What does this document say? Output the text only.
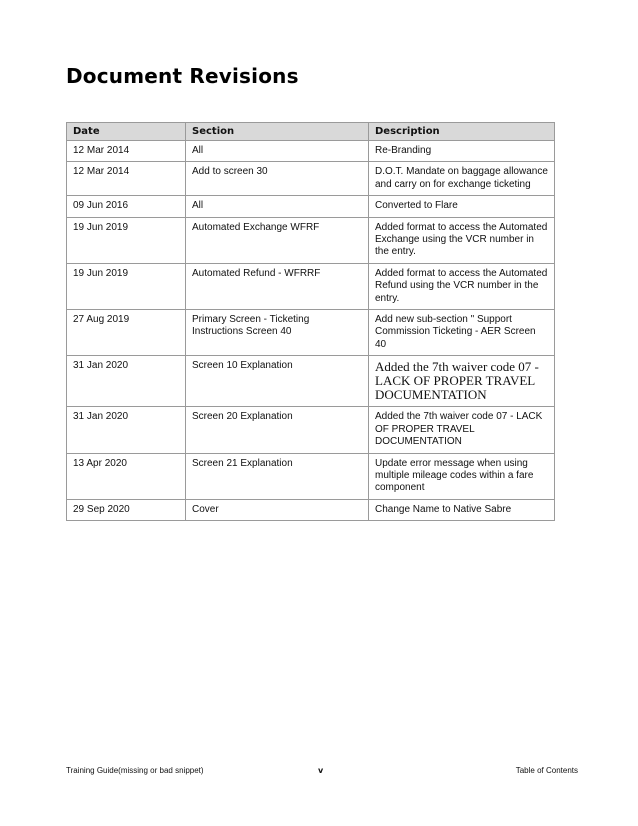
Document Revisions
Date	Section	Description
12 Mar 2014	All	Re-Branding
12 Mar 2014	Add to screen 30	D.O.T. Mandate on baggage allowance and carry on for exchange ticketing
09 Jun 2016	All	Converted to Flare
19 Jun 2019	Automated Exchange WFRF	Added format to access the Automated Exchange using the VCR number in the entry.
19 Jun 2019	Automated Refund - WFRRF	Added format to access the Automated Refund using the VCR number in the entry.
27 Aug 2019	Primary Screen - Ticketing Instructions Screen 40	Add new sub-section " Support Commission Ticketing - AER Screen 40
31 Jan 2020	Screen 10 Explanation	Added the 7th waiver code 07 - LACK OF PROPER TRAVEL DOCUMENTATION
31 Jan 2020	Screen 20 Explanation	Added the 7th waiver code 07 - LACK OF PROPER TRAVEL DOCUMENTATION
13 Apr 2020	Screen 21 Explanation	Update error message when using multiple mileage codes within a fare component
29 Sep 2020	Cover	Change Name to Native Sabre
Training Guide(missing or bad snippet)	v	Table of Contents
